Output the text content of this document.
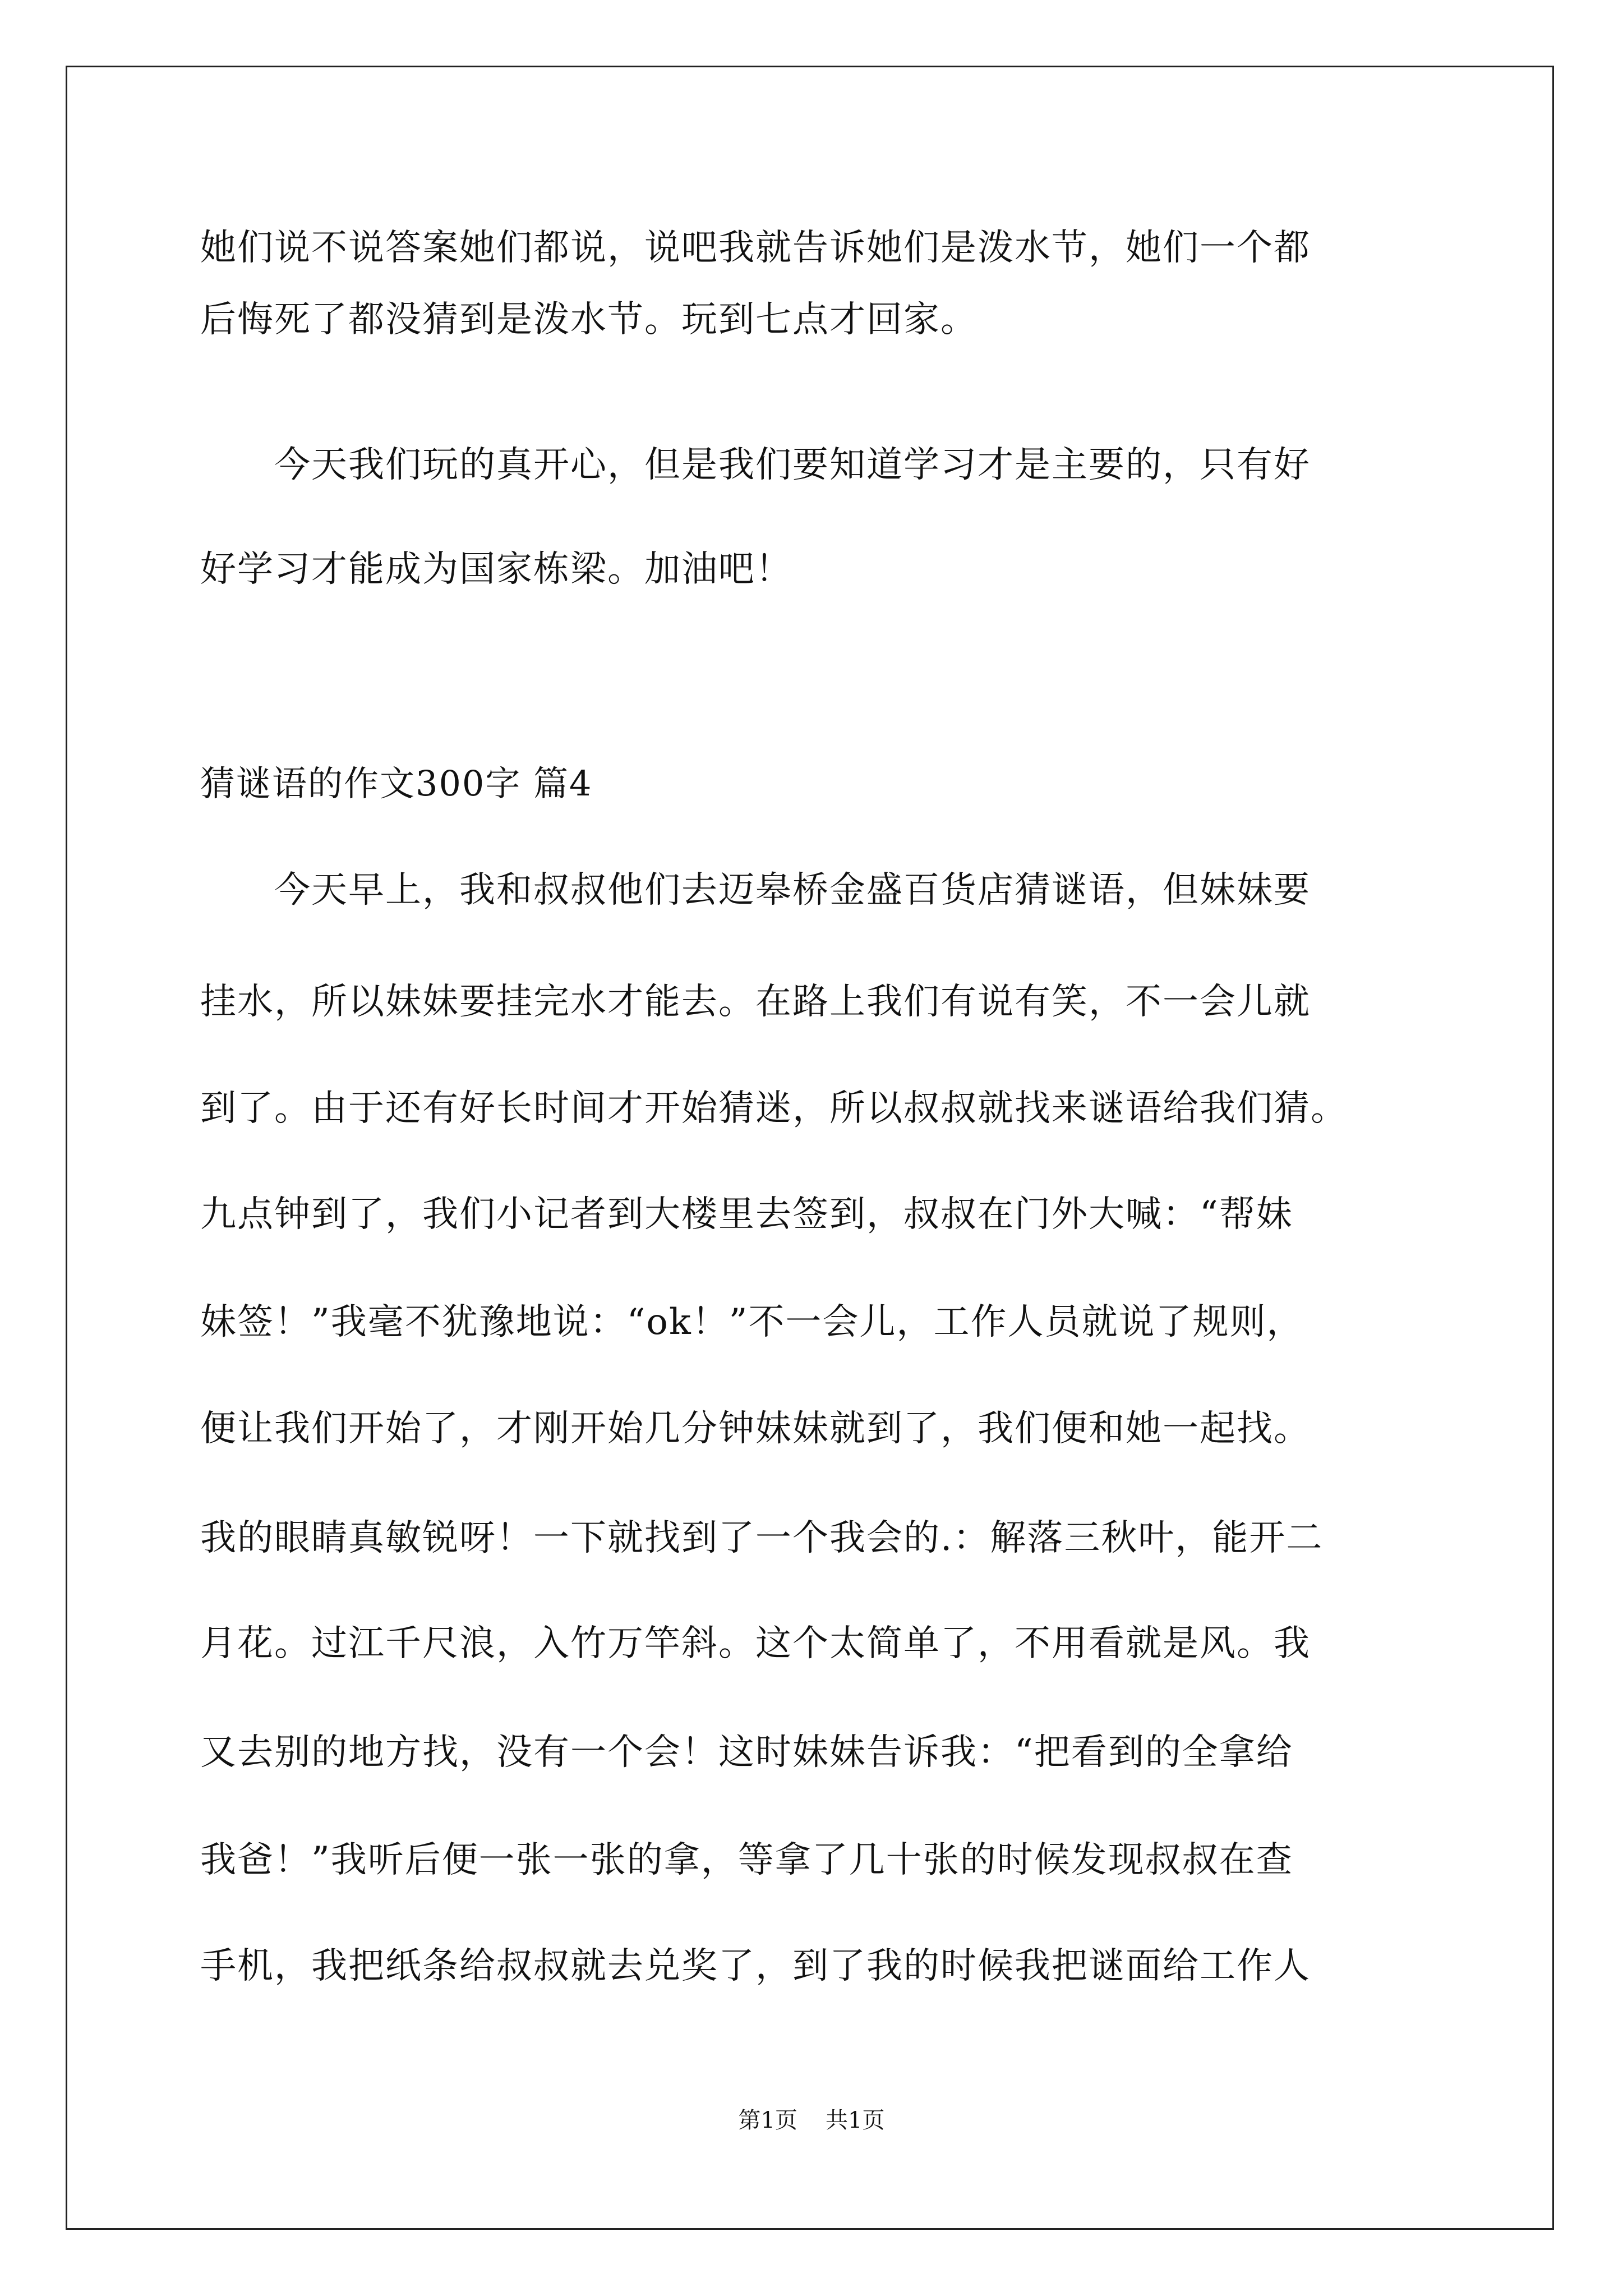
她们说不说答案她们都说，说吧我就告诉她们是泼水节，她们一个都
后悔死了都没猜到是泼水节。玩到七点才回家。
　　今天我们玩的真开心，但是我们要知道学习才是主要的，只有好
好学习才能成为国家栋梁。加油吧！
猜谜语的作文300字 篇4
　　今天早上，我和叔叔他们去迈皋桥金盛百货店猜谜语，但妹妹要
挂水，所以妹妹要挂完水才能去。在路上我们有说有笑，不一会儿就
到了。由于还有好长时间才开始猜迷，所以叔叔就找来谜语给我们猜。
九点钟到了，我们小记者到大楼里去签到，叔叔在门外大喊：“帮妹
妹签！”我毫不犹豫地说：“ok！”不一会儿，工作人员就说了规则，
便让我们开始了，才刚开始几分钟妹妹就到了，我们便和她一起找。
我的眼睛真敏锐呀！一下就找到了一个我会的.：解落三秋叶，能开二
月花。过江千尺浪，入竹万竿斜。这个太简单了，不用看就是风。我
又去别的地方找，没有一个会！这时妹妹告诉我：“把看到的全拿给
我爸！”我听后便一张一张的拿，等拿了几十张的时候发现叔叔在查
手机，我把纸条给叔叔就去兑奖了，到了我的时候我把谜面给工作人
第1页 共1页
